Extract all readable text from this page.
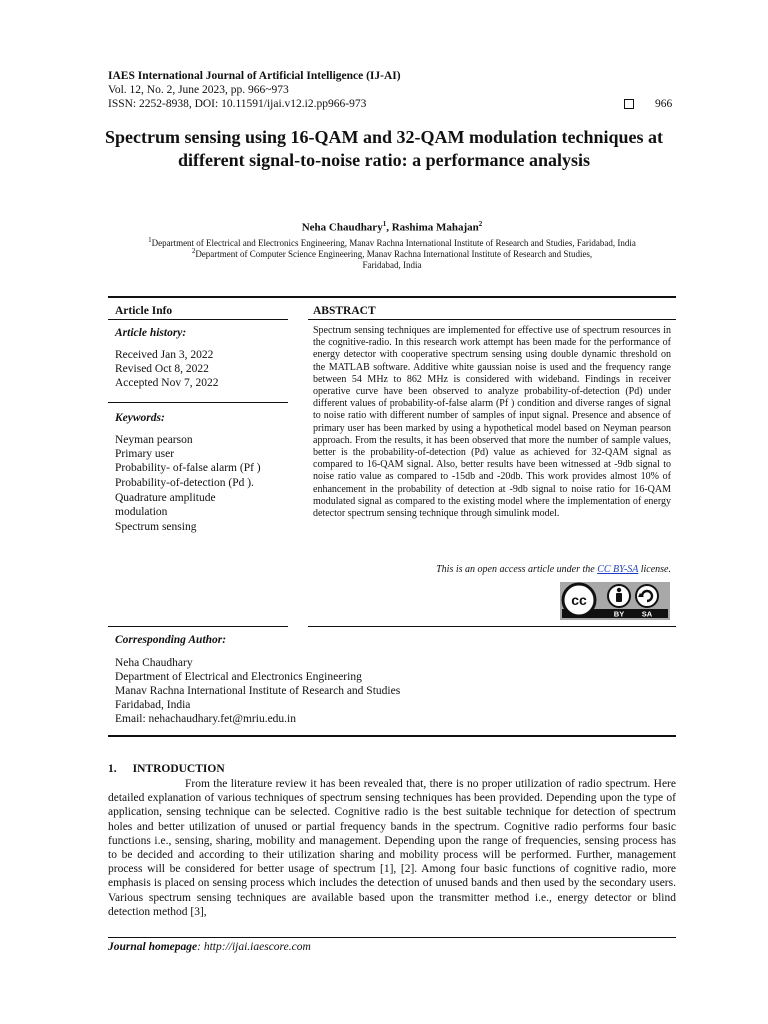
IAES International Journal of Artificial Intelligence (IJ-AI)
Vol. 12, No. 2, June 2023, pp. 966~973
ISSN: 2252-8938, DOI: 10.11591/ijai.v12.i2.pp966-973	966
Spectrum sensing using 16-QAM and 32-QAM modulation techniques at different signal-to-noise ratio: a performance analysis
Neha Chaudhary$^1$, Rashima Mahajan$^2$
$^1$Department of Electrical and Electronics Engineering, Manav Rachna International Institute of Research and Studies, Faridabad, India
$^2$Department of Computer Science Engineering, Manav Rachna International Institute of Research and Studies,
Faridabad, India
Article Info
Article history:
Received Jan 3, 2022
Revised Oct 8, 2022
Accepted Nov 7, 2022
Keywords:
Neyman pearson
Primary user
Probability- of-false alarm (Pf )
Probability-of-detection (Pd ).
Quadrature amplitude
modulation
Spectrum sensing
ABSTRACT
Spectrum sensing techniques are implemented for effective use of spectrum resources in the cognitive-radio. In this research work attempt has been made for the performance of energy detector with cooperative spectrum sensing using double dynamic threshold on the MATLAB software. Additive white gaussian noise is used and the frequency range between 54 MHz to 862 MHz is considered with wideband. Findings in receiver operative curve have been observed to analyze probability-of-detection (Pd) under different values of probability-of-false alarm (Pf ) condition and diverse ranges of signal to noise ratio with different number of samples of input signal. Presence and absence of primary user has been marked by using a hypothetical model based on Neyman pearson approach. From the results, it has been observed that more the number of sample values, better is the probability-of-detection (Pd) value as achieved for 32-QAM signal as compared to 16-QAM signal. Also, better results have been witnessed at -9db signal to noise ratio value as compared to -15db and -20db. This work provides almost 10% of enhancement in the probability of detection at -9db signal to noise ratio for 16-QAM modulated signal as compared to the existing model where the implementation of energy detector spectrum sensing technique through simulink model.
This is an open access article under the CC BY-SA license.
cc
BY SA
Corresponding Author:
Neha Chaudhary
Department of Electrical and Electronics Engineering
Manav Rachna International Institute of Research and Studies
Faridabad, India
Email: nehachaudhary.fet@mriu.edu.in
1. INTRODUCTION
From the literature review it has been revealed that, there is no proper utilization of radio spectrum. Here detailed explanation of various techniques of spectrum sensing techniques has been provided. Depending upon the type of application, sensing technique can be selected. Cognitive radio is the best suitable technique for detection of spectrum holes and better utilization of unused or partial frequency bands in the spectrum. Cognitive radio performs four basic functions i.e., sensing, sharing, mobility and management. Depending upon the range of frequencies, sensing process has to be decided and according to their utilization sharing and mobility process will be performed. Further, management process will be considered for better usage of spectrum [1], [2]. Among four basic functions of cognitive radio, more emphasis is placed on sensing process which includes the detection of unused bands and then used by the secondary users. Various spectrum sensing techniques are available based upon the transmitter method i.e., energy detector or blind detection method [3],
Journal homepage: http://ijai.iaescore.com
